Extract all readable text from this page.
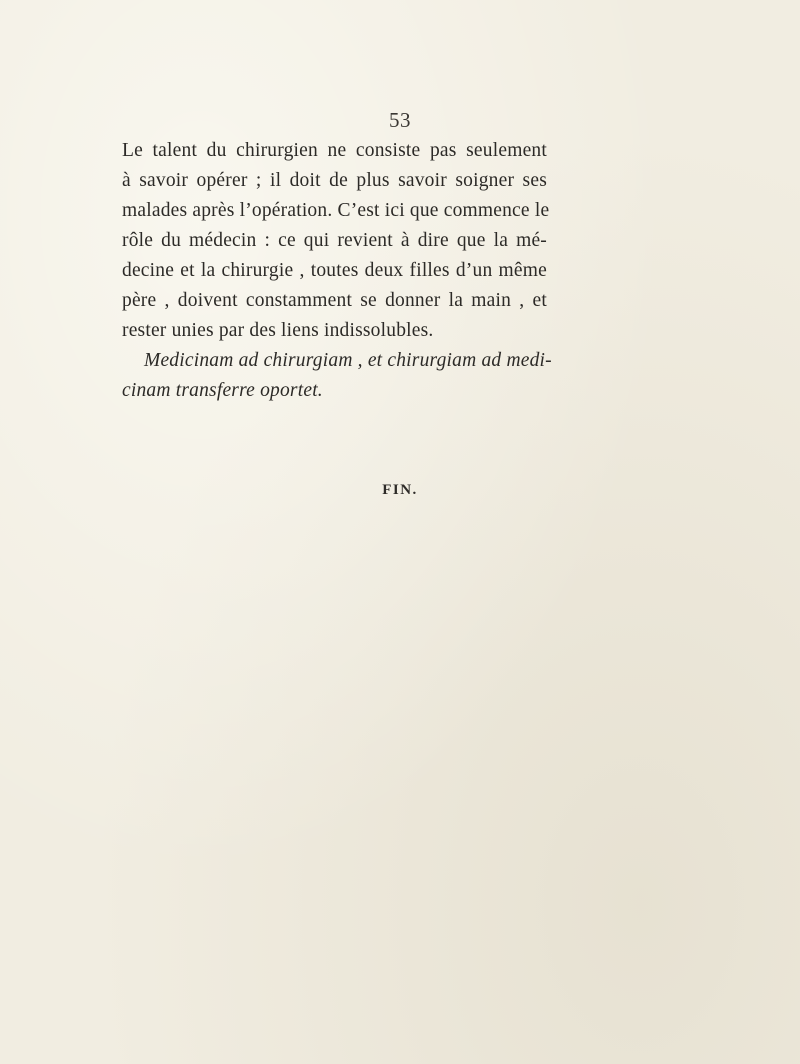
53
Le talent du chirurgien ne consiste pas seulement
à savoir opérer ; il doit de plus savoir soigner ses
malades après l’opération. C’est ici que commence le
rôle du médecin : ce qui revient à dire que la mé-
decine et la chirurgie , toutes deux filles d’un même
père , doivent constamment se donner la main , et
rester unies par des liens indissolubles.
Medicinam ad chirurgiam , et chirurgiam ad medi-
cinam transferre oportet.
FIN.
